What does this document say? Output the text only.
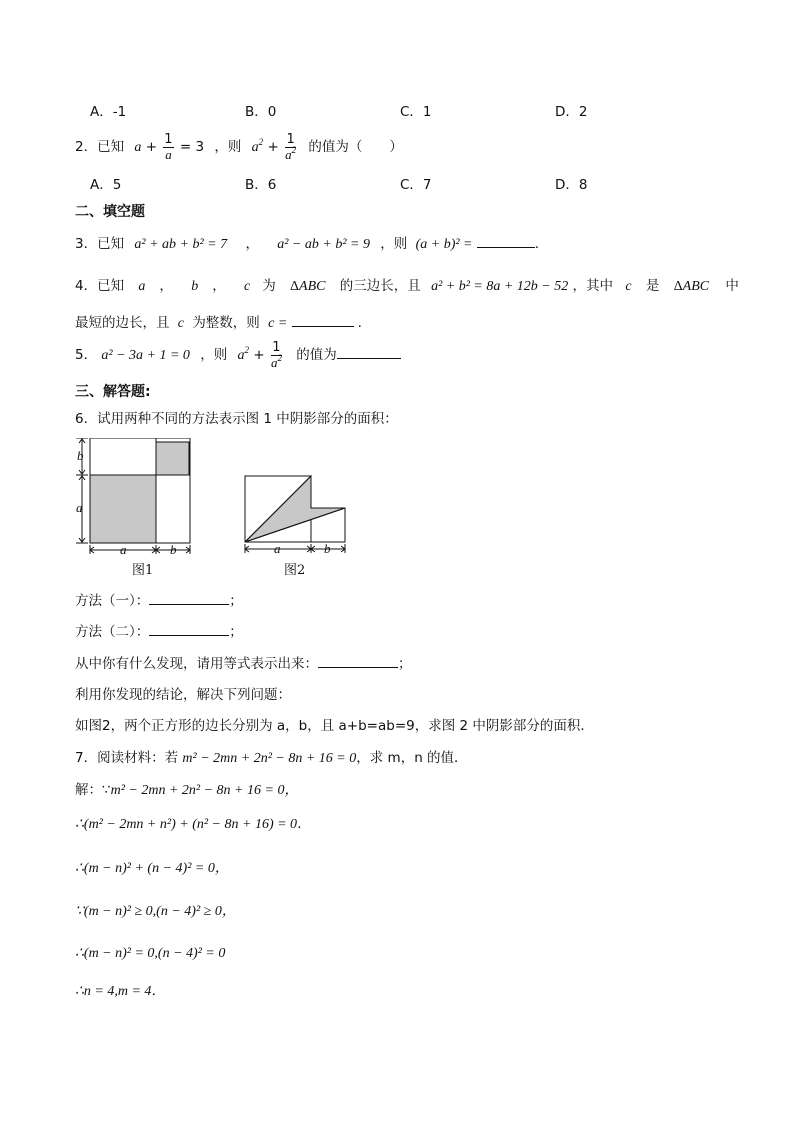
A．-1	B．0	C．1	D．2
2．已知 $a + \frac{1}{a} = 3$ ，则 $a^2 + \frac{1}{a^2}$ 的值为（　　）
A．5	B．6	C．7	D．8
二、填空题
3．已知 a² + ab + b² = 7 ， a² − ab + b² = 9 ，则 (a + b)² =	.
4．已知 a ， b ， c 为 ΔABC 的三边长，且 a² + b² = 8a + 12b − 52 ，其中 c 是 ΔABC 中
最短的边长，且 c 为整数，则 c =	.
5． a² − 3a + 1 = 0 ，则 $a^2 + \frac{1}{a^2}$ 的值为
三、解答题:
6．试用两种不同的方法表示图 1 中阴影部分的面积：
b
a
a	b
图1
a	b
图2
方法（一）：	；
方法（二）：	；
从中你有什么发现，请用等式表示出来：	；
利用你发现的结论，解决下列问题：
如图2，两个正方形的边长分别为 a，b，且 a+b=ab=9，求图 2 中阴影部分的面积．
7．阅读材料：若 m² − 2mn + 2n² − 8n + 16 = 0，求 m，n 的值．
解：∵m² − 2mn + 2n² − 8n + 16 = 0，
∴(m² − 2mn + n²) + (n² − 8n + 16) = 0．
∴(m − n)² + (n − 4)² = 0，
∵(m − n)² ≥ 0,(n − 4)² ≥ 0，
∴(m − n)² = 0,(n − 4)² = 0
∴n = 4,m = 4．
